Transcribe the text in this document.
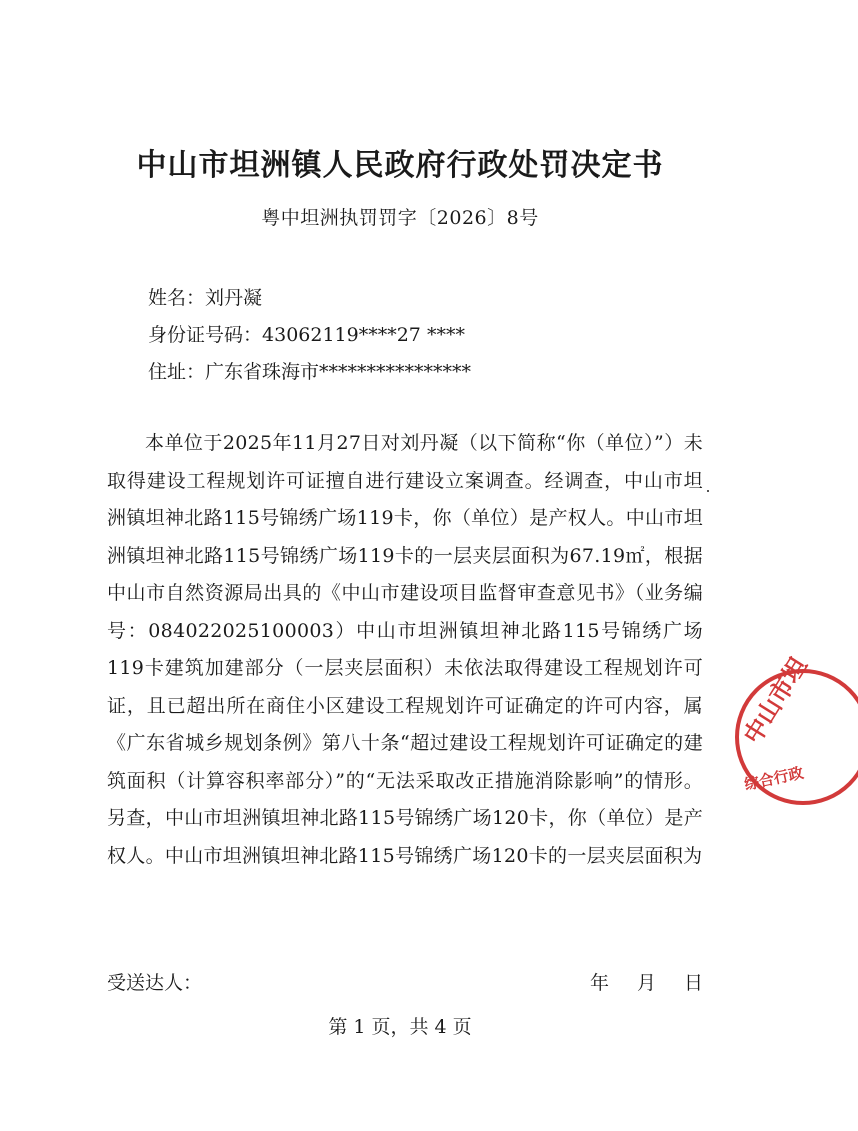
中山市坦洲镇人民政府行政处罚决定书
粤中坦洲执罚罚字〔2026〕8号
姓名：刘丹凝
身份证号码：43062119****27 ****
住址：广东省珠海市****************
本单位于2025年11月27日对刘丹凝（以下简称“你（单位）”）未取得建设工程规划许可证擅自进行建设立案调查。经调查，中山市坦洲镇坦神北路115号锦绣广场119卡，你（单位）是产权人。中山市坦洲镇坦神北路115号锦绣广场119卡的一层夹层面积为67.19㎡，根据中山市自然资源局出具的《中山市建设项目监督审查意见书》（业务编号：084022025100003）中山市坦洲镇坦神北路115号锦绣广场119卡建筑加建部分（一层夹层面积）未依法取得建设工程规划许可证，且已超出所在商住小区建设工程规划许可证确定的许可内容，属《广东省城乡规划条例》第八十条“超过建设工程规划许可证确定的建筑面积（计算容积率部分）”的“无法采取改正措施消除影响”的情形。另查，中山市坦洲镇坦神北路115号锦绣广场120卡，你（单位）是产权人。中山市坦洲镇坦神北路115号锦绣广场120卡的一层夹层面积为
受送达人：	年 月 日
第 1 页，共 4 页
中山市坦
综合行政
